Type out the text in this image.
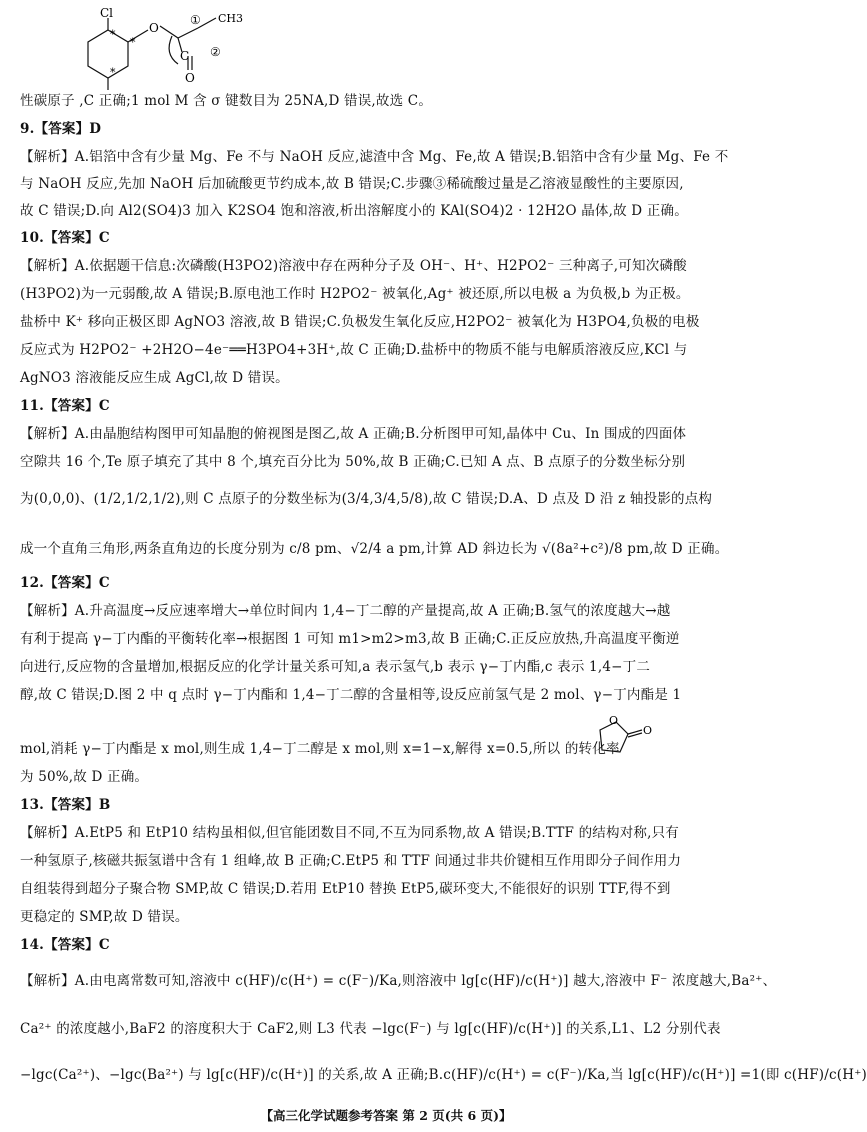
Cl
O
CH3
C
O
①
②
*
*
*
性碳原子 ,C 正确;1 mol M 含 σ 键数目为 25NA,D 错误,故选 C。
9.【答案】D
【解析】A.铝箔中含有少量 Mg、Fe 不与 NaOH 反应,滤渣中含 Mg、Fe,故 A 错误;B.铝箔中含有少量 Mg、Fe 不
与 NaOH 反应,先加 NaOH 后加硫酸更节约成本,故 B 错误;C.步骤③稀硫酸过量是乙溶液显酸性的主要原因,
故 C 错误;D.向 Al2(SO4)3 加入 K2SO4 饱和溶液,析出溶解度小的 KAl(SO4)2 · 12H2O 晶体,故 D 正确。
10.【答案】C
【解析】A.依据题干信息:次磷酸(H3PO2)溶液中存在两种分子及 OH⁻、H⁺、H2PO2⁻ 三种离子,可知次磷酸
(H3PO2)为一元弱酸,故 A 错误;B.原电池工作时 H2PO2⁻ 被氧化,Ag⁺ 被还原,所以电极 a 为负极,b 为正极。
盐桥中 K⁺ 移向正极区即 AgNO3 溶液,故 B 错误;C.负极发生氧化反应,H2PO2⁻ 被氧化为 H3PO4,负极的电极
反应式为 H2PO2⁻ +2H2O−4e⁻══H3PO4+3H⁺,故 C 正确;D.盐桥中的物质不能与电解质溶液反应,KCl 与
AgNO3 溶液能反应生成 AgCl,故 D 错误。
11.【答案】C
【解析】A.由晶胞结构图甲可知晶胞的俯视图是图乙,故 A 正确;B.分析图甲可知,晶体中 Cu、In 围成的四面体
空隙共 16 个,Te 原子填充了其中 8 个,填充百分比为 50%,故 B 正确;C.已知 A 点、B 点原子的分数坐标分别
为(0,0,0)、(1/2,1/2,1/2),则 C 点原子的分数坐标为(3/4,3/4,5/8),故 C 错误;D.A、D 点及 D 沿 z 轴投影的点构
成一个直角三角形,两条直角边的长度分别为 c/8 pm、√2/4 a pm,计算 AD 斜边长为 √(8a²+c²)/8 pm,故 D 正确。
12.【答案】C
【解析】A.升高温度→反应速率增大→单位时间内 1,4−丁二醇的产量提高,故 A 正确;B.氢气的浓度越大→越
有利于提高 γ−丁内酯的平衡转化率→根据图 1 可知 m1>m2>m3,故 B 正确;C.正反应放热,升高温度平衡逆
向进行,反应物的含量增加,根据反应的化学计量关系可知,a 表示氢气,b 表示 γ−丁内酯,c 表示 1,4−丁二
醇,故 C 错误;D.图 2 中 q 点时 γ−丁内酯和 1,4−丁二醇的含量相等,设反应前氢气是 2 mol、γ−丁内酯是 1
mol,消耗 γ−丁内酯是 x mol,则生成 1,4−丁二醇是 x mol,则 x=1−x,解得 x=0.5,所以 的转化率
O
O
为 50%,故 D 正确。
13.【答案】B
【解析】A.EtP5 和 EtP10 结构虽相似,但官能团数目不同,不互为同系物,故 A 错误;B.TTF 的结构对称,只有
一种氢原子,核磁共振氢谱中含有 1 组峰,故 B 正确;C.EtP5 和 TTF 间通过非共价键相互作用即分子间作用力
自组装得到超分子聚合物 SMP,故 C 错误;D.若用 EtP10 替换 EtP5,碳环变大,不能很好的识别 TTF,得不到
更稳定的 SMP,故 D 错误。
14.【答案】C
【解析】A.由电离常数可知,溶液中 c(HF)/c(H⁺) = c(F⁻)/Ka,则溶液中 lg[c(HF)/c(H⁺)] 越大,溶液中 F⁻ 浓度越大,Ba²⁺、
Ca²⁺ 的浓度越小,BaF2 的溶度积大于 CaF2,则 L3 代表 −lgc(F⁻) 与 lg[c(HF)/c(H⁺)] 的关系,L1、L2 分别代表
−lgc(Ca²⁺)、−lgc(Ba²⁺) 与 lg[c(HF)/c(H⁺)] 的关系,故 A 正确;B.c(HF)/c(H⁺) = c(F⁻)/Ka,当 lg[c(HF)/c(H⁺)] =1(即 c(HF)/c(H⁺)
【高三化学试题参考答案 第 2 页(共 6 页)】
